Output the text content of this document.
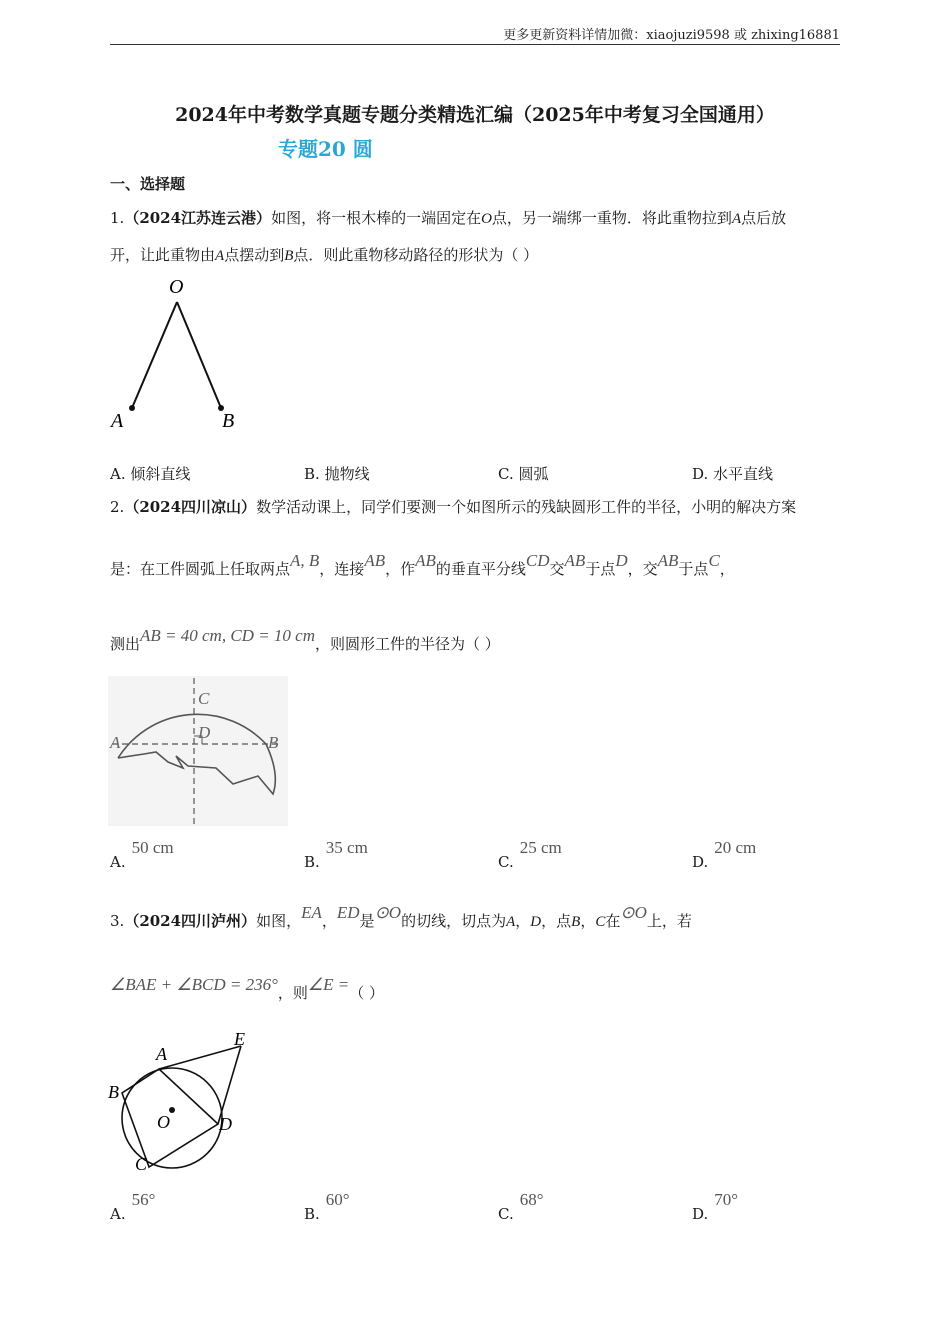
更多更新资料详情加微：xiaojuzi9598 或 zhixing16881
2024年中考数学真题专题分类精选汇编（2025年中考复习全国通用）
专题20 圆
一、选择题
1.（2024江苏连云港）如图，将一根木棒的一端固定在O点，另一端绑一重物．将此重物拉到A点后放
开，让此重物由A点摆动到B点．则此重物移动路径的形状为（ ）
O
A	B
A. 倾斜直线	B. 抛物线	C. 圆弧	D. 水平直线
2.（2024四川凉山）数学活动课上，同学们要测一个如图所示的残缺圆形工件的半径，小明的解决方案
是：在工件圆弧上任取两点A, B，连接AB，作AB的垂直平分线CD交AB于点D，交AB于点C，
测出AB = 40 cm, CD = 10 cm，则圆形工件的半径为（ ）
C
D
A	B
A.50 cm
B.35 cm
C.25 cm
D.20 cm
3.（2024四川泸州）如图，EA，ED是⊙O的切线，切点为A，D，点B，C在⊙O上，若
∠BAE + ∠BCD = 236°，则∠E =（ ）
A
E
B
O	D
C
A.56°
B.60°
C.68°
D.70°
